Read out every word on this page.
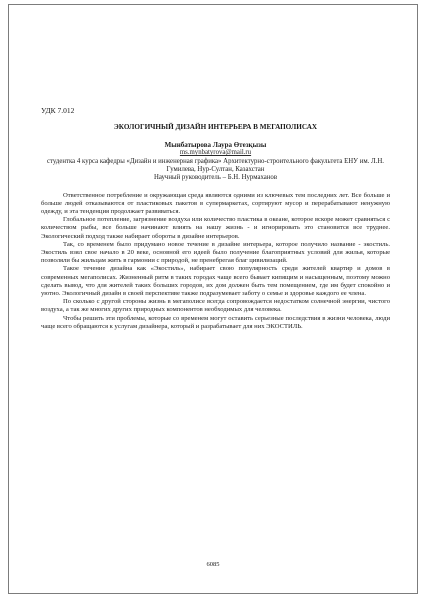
УДК 7.012
ЭКОЛОГИЧНЫЙ ДИЗАЙН ИНТЕРЬЕРА В МЕГАПОЛИСАХ
Мынбатырова Лаура Өтезқызы
ms.mynbatyrova@mail.ru
студентка 4 курса кафедры «Дизайн и инженерная графика» Архитектурно-строительного факультета ЕНУ им. Л.Н. Гумилева, Нур-Султан, Казахстан
Научный руководитель – Б.Н. Нурмаханов

Ответственное потребление и окружающая среда являются одними из ключевых тем последних лет. Все больше и больше людей отказываются от пластиковых пакетов в супермаркетах, сортируют мусор и перерабатывают ненужную одежду, и эта тенденция продолжает развиваться.

Глобальное потепление, загрязнение воздуха или количество пластика в океане, которое вскоре может сравняться с количеством рыбы, все больше начинают влиять на нашу жизнь - и игнорировать это становится все труднее. Экологический подход также набирает обороты в дизайне интерьеров.

Так, со временем было придумано новое течение в дизайне интерьера, которое получило название - экостиль. Экостиль взял свое начало в 20 веке, основной его идеей было получение благоприятных условий для жилья, которые позволяли бы жильцам жить в гармонии с природой, не пренебрегая благ цивилизаций.

Такое течение дизайна как «Экостиль», набирает свою популярность среди жителей квартир и домов в современных мегаполисах. Жизненный ритм в таких городах чаще всего бывает кипящим и насыщенным, поэтому можно сделать вывод, что для жителей таких больших городов, их дом должен быть тем помещением, где им будет спокойно и уютно. Экологичный дизайн в своей перспективе также подразумевает заботу о семье и здоровье каждого ее члена.

По сколько с другой стороны жизнь в мегаполисе всегда сопровождается недостатком солнечной энергии, чистого воздуха, а так же многих других природных компонентов необходимых для человека.

Чтобы решить эти проблемы, которые со временем могут оставить серьезные последствия в жизни человека, люди чаще всего обращаются к услугам дизайнера, который и разрабатывает для них ЭКОСТИЛЬ.

6085
